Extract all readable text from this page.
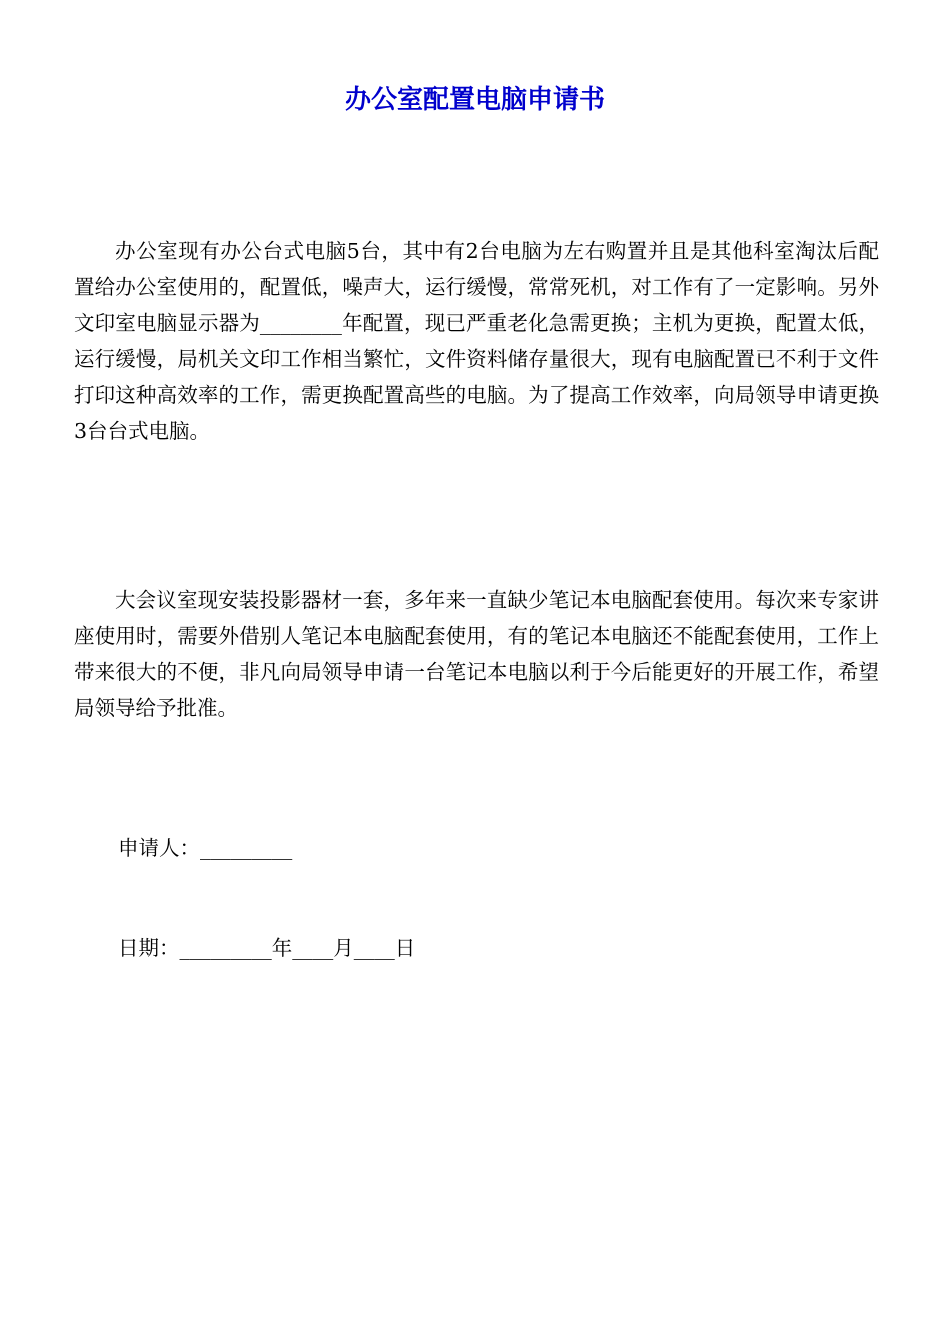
办公室配置电脑申请书

办公室现有办公台式电脑5台，其中有2台电脑为左右购置并且是其他科室淘汰后配置给办公室使用的，配置低，噪声大，运行缓慢，常常死机，对工作有了一定影响。另外文印室电脑显示器为________年配置，现已严重老化急需更换；主机为更换，配置太低，运行缓慢，局机关文印工作相当繁忙，文件资料储存量很大，现有电脑配置已不利于文件打印这种高效率的工作，需更换配置高些的电脑。为了提高工作效率，向局领导申请更换3台台式电脑。

大会议室现安装投影器材一套，多年来一直缺少笔记本电脑配套使用。每次来专家讲座使用时，需要外借别人笔记本电脑配套使用，有的笔记本电脑还不能配套使用，工作上带来很大的不便，非凡向局领导申请一台笔记本电脑以利于今后能更好的开展工作，希望局领导给予批准。

申请人：_________

日期：_________年____月____日
